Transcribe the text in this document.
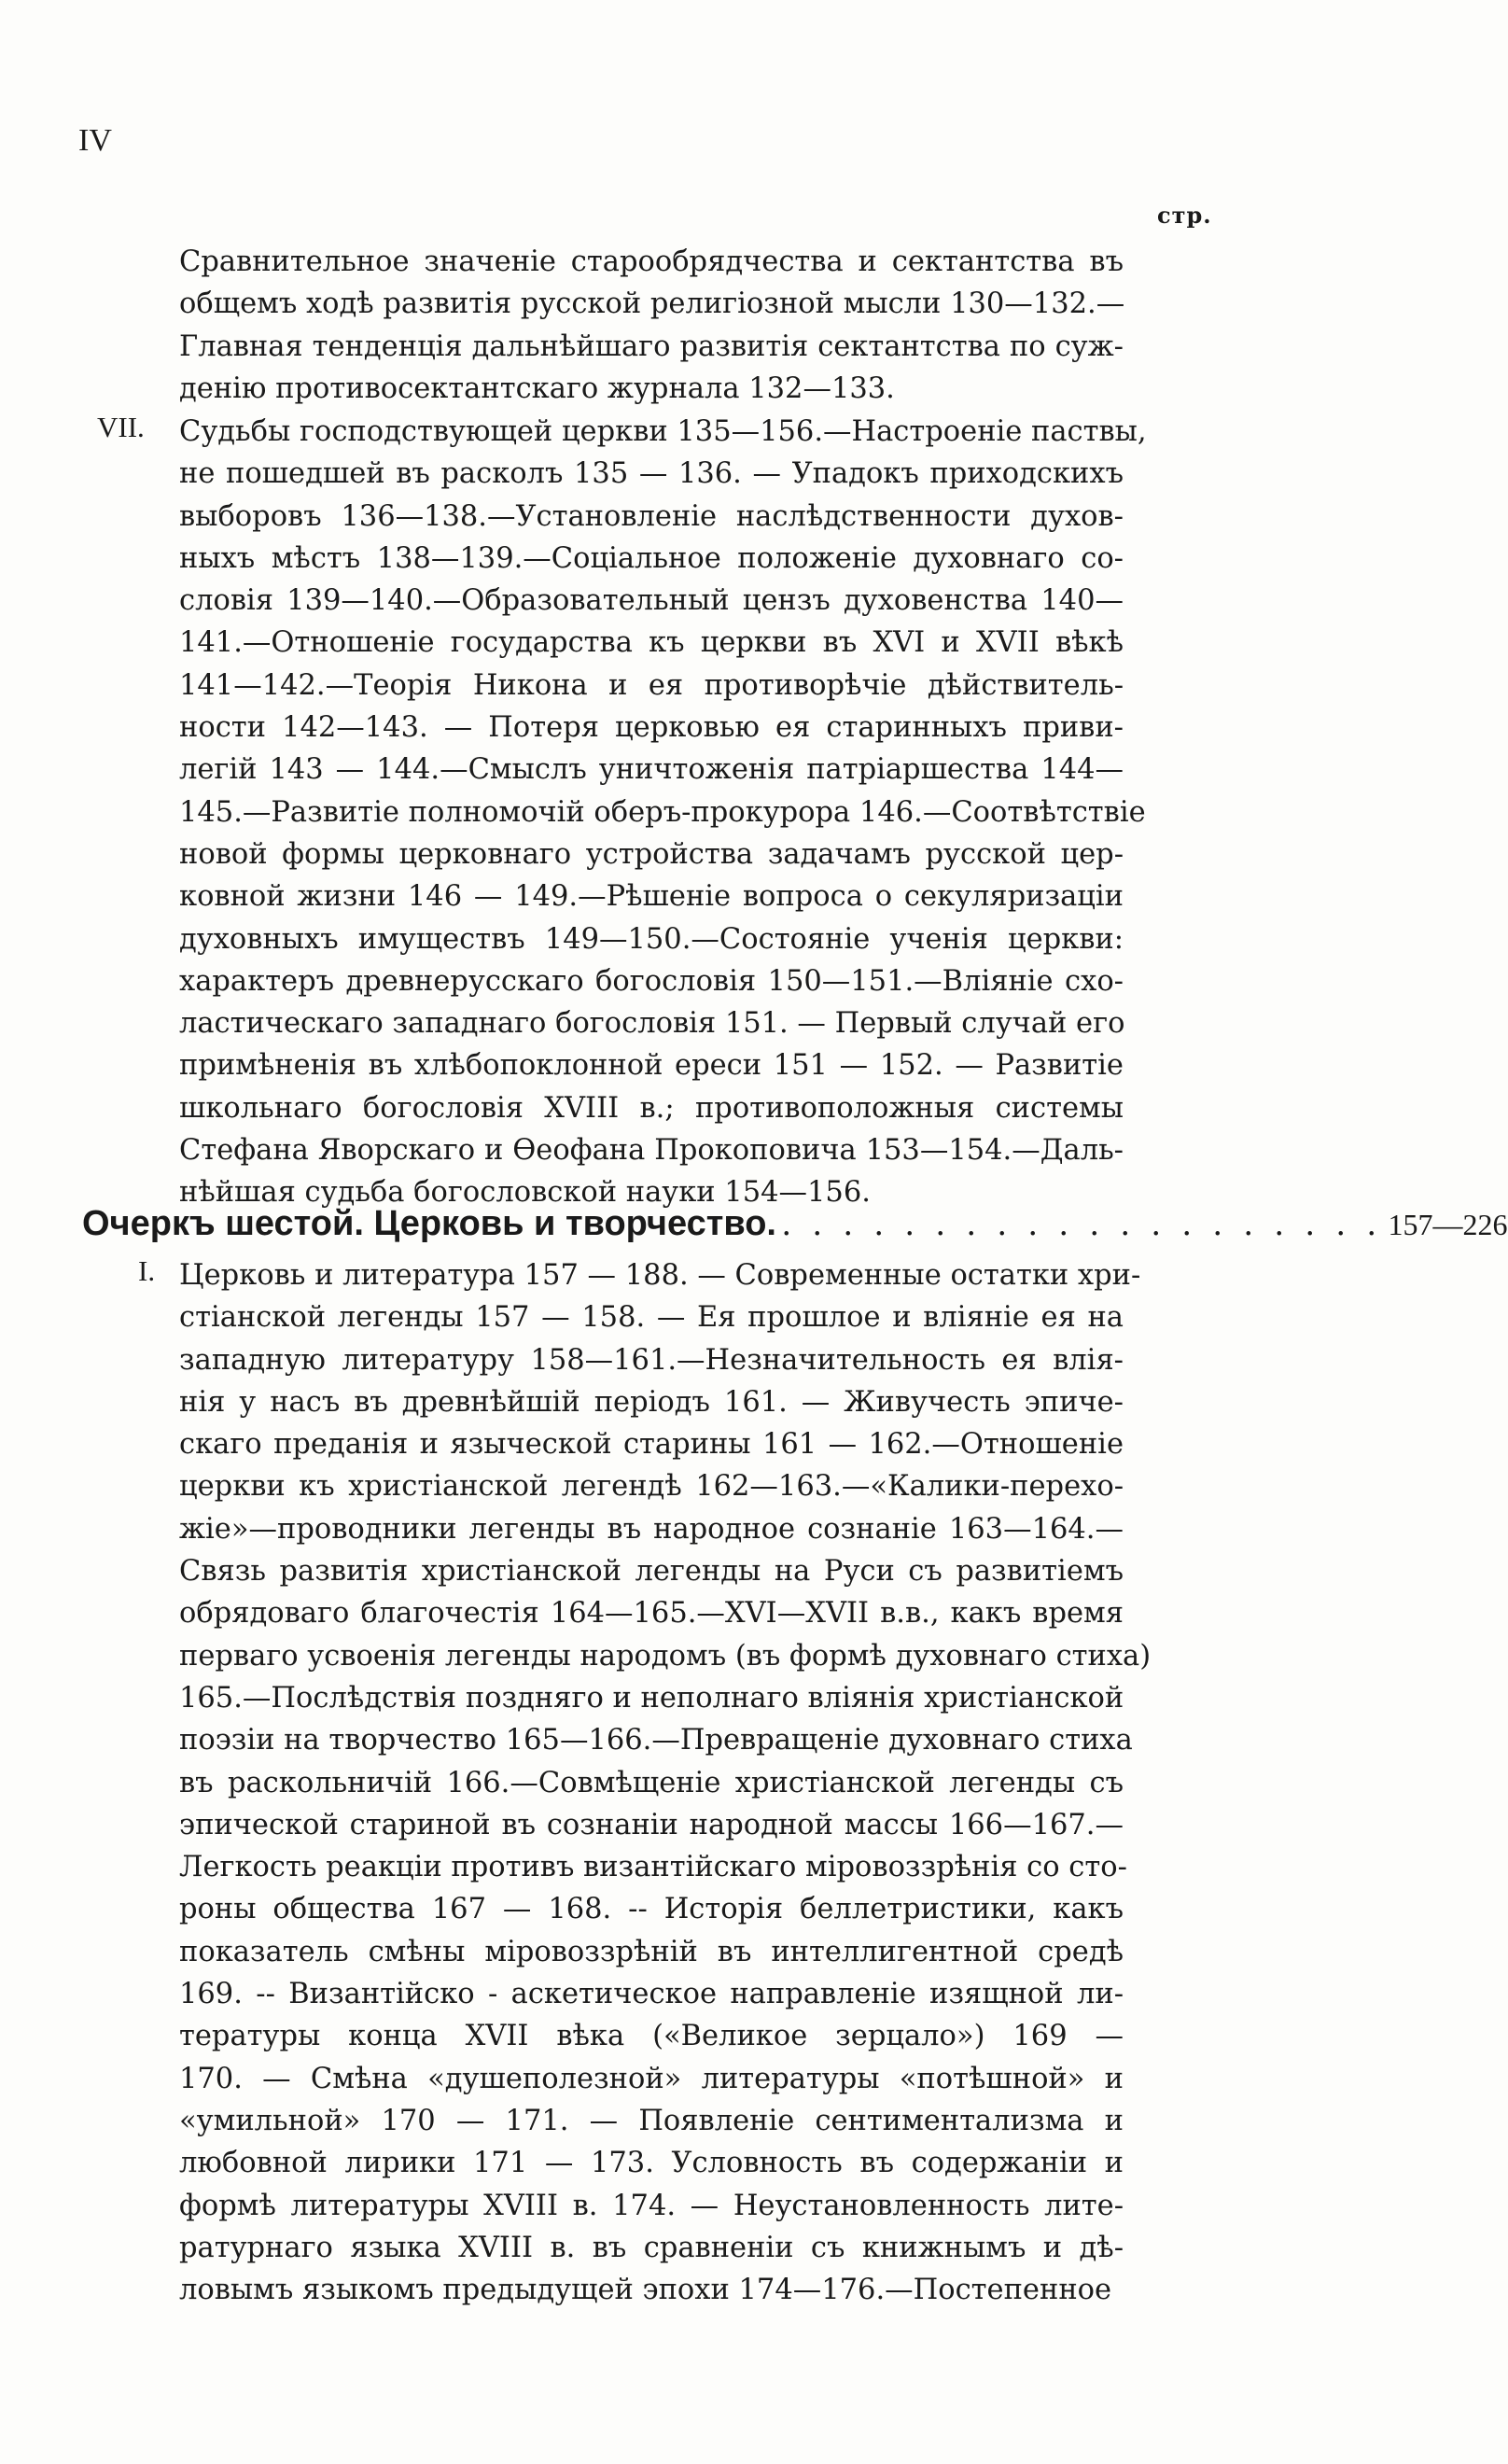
IV
стр.
Сравнительное значеніе старообрядчества и сектантства въ
общемъ ходѣ развитія русской религіозной мысли 130—132.—
Главная тенденція дальнѣйшаго развитія сектантства по суж-
денію противосектантскаго журнала 132—133.
VII. Судьбы господствующей церкви 135—156.—Настроеніе паствы,
не пошедшей въ расколъ 135 — 136. — Упадокъ приходскихъ
выборовъ 136—138.—Установленіе наслѣдственности духов-
ныхъ мѣстъ 138—139.—Соціальное положеніе духовнаго со-
словія 139—140.—Образовательный цензъ духовенства 140—
141.—Отношеніе государства къ церкви въ XVI и XVII вѣкѣ
141—142.—Теорія Никона и ея противорѣчіе дѣйствитель-
ности 142—143. — Потеря церковью ея старинныхъ приви-
легій 143 — 144.—Смыслъ уничтоженія патріаршества 144—
145.—Развитіе полномочій оберъ-прокурора 146.—Соотвѣтствіе
новой формы церковнаго устройства задачамъ русской цер-
ковной жизни 146 — 149.—Рѣшеніе вопроса о секуляризаціи
духовныхъ имуществъ 149—150.—Состояніе ученія церкви:
характеръ древнерусскаго богословія 150—151.—Вліяніе схо-
ластическаго западнаго богословія 151. — Первый случай его
примѣненія въ хлѣбопоклонной ереси 151 — 152. — Развитіе
школьнаго богословія XVIII в.; противоположныя системы
Стефана Яворскаго и Ѳеофана Прокоповича 153—154.—Даль-
нѣйшая судьба богословской науки 154—156.
Очеркъ шестой. Церковь и творчество. . . . . . . . . . . . . . . . . . . . . 157—226
I. Церковь и литература 157 — 188. — Современные остатки хри-
стіанской легенды 157 — 158. — Ея прошлое и вліяніе ея на
западную литературу 158—161.—Незначительность ея влія-
нія у насъ въ древнѣйшій періодъ 161. — Живучесть эпиче-
скаго преданія и языческой старины 161 — 162.—Отношеніе
церкви къ христіанской легендѣ 162—163.—«Калики-перехо-
жіе»—проводники легенды въ народное сознаніе 163—164.—
Связь развитія христіанской легенды на Руси съ развитіемъ
обрядоваго благочестія 164—165.—XVI—XVII в.в., какъ время
перваго усвоенія легенды народомъ (въ формѣ духовнаго стиха)
165.—Послѣдствія поздняго и неполнаго вліянія христіанской
поэзіи на творчество 165—166.—Превращеніе духовнаго стиха
въ раскольничій 166.—Совмѣщеніе христіанской легенды съ
эпической стариной въ сознаніи народной массы 166—167.—
Легкость реакціи противъ византійскаго міровоззрѣнія со сто-
роны общества 167 — 168. -- Исторія беллетристики, какъ
показатель смѣны міровоззрѣній въ интеллигентной средѣ
169. -- Византійско - аскетическое направленіе изящной ли-
тературы конца XVII вѣка («Великое зерцало») 169 —
170. — Смѣна «душеполезной» литературы «потѣшной» и
«умильной» 170 — 171. — Появленіе сентиментализма и
любовной лирики 171 — 173. Условность въ содержаніи и
формѣ литературы XVIII в. 174. — Неустановленность лите-
ратурнаго языка XVIII в. въ сравненіи съ книжнымъ и дѣ-
ловымъ языкомъ предыдущей эпохи 174—176.—Постепенное
